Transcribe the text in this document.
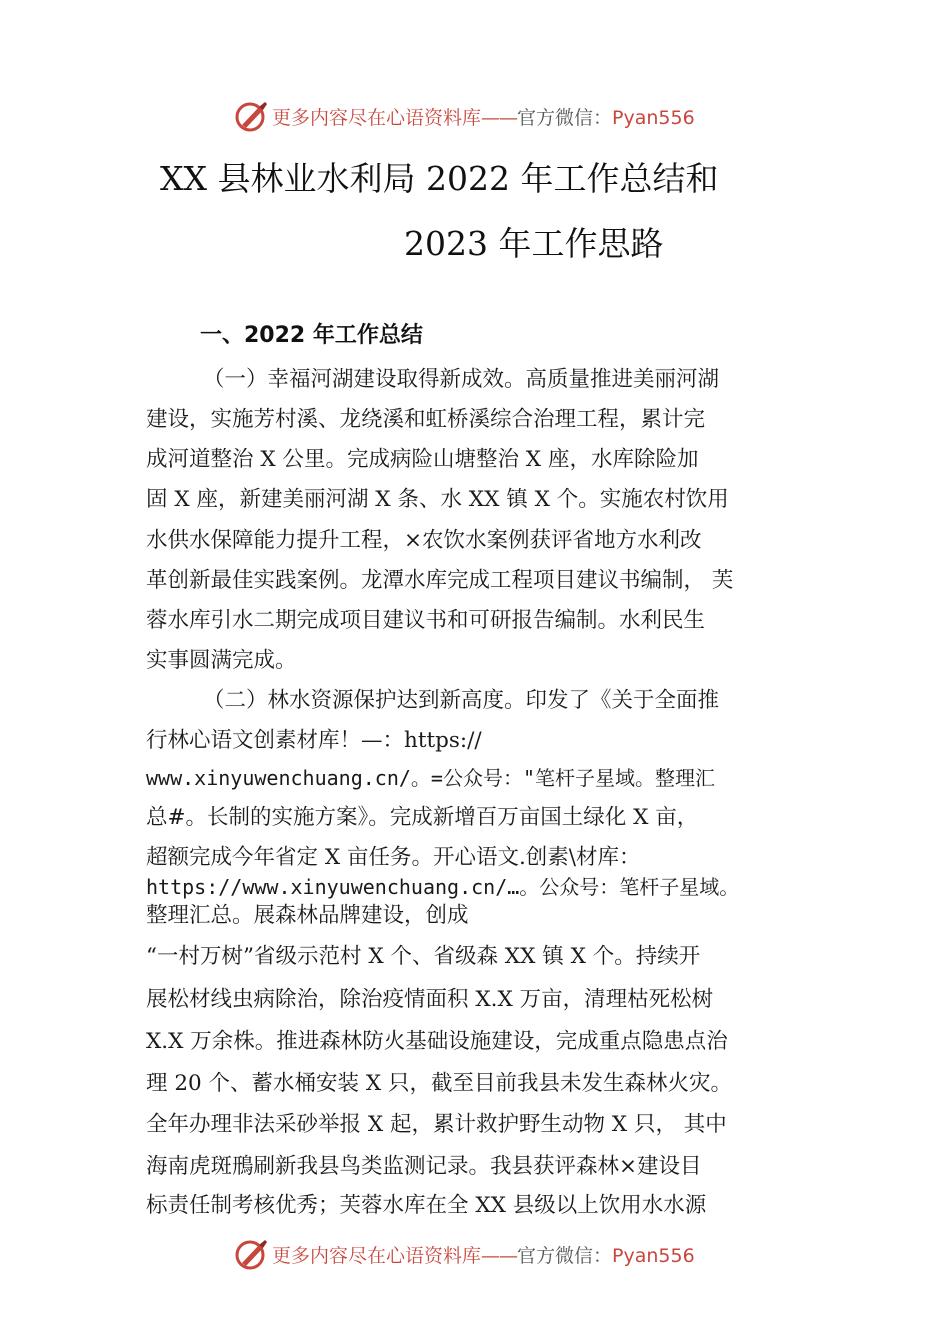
更多内容尽在心语资料库——官方微信：Pyan556
XX 县林业水利局 2022 年工作总结和
2023 年工作思路
一、2022 年工作总结
（一）幸福河湖建设取得新成效。高质量推进美丽河湖
建设，实施芳村溪、龙绕溪和虹桥溪综合治理工程，累计完
成河道整治 X 公里。完成病险山塘整治 X 座，水库除险加
固 X 座，新建美丽河湖 X 条、水 XX 镇 X 个。实施农村饮用
水供水保障能力提升工程，×农饮水案例获评省地方水利改
革创新最佳实践案例。龙潭水库完成工程项目建议书编制， 芙
蓉水库引水二期完成项目建议书和可研报告编制。水利民生
实事圆满完成。
（二）林水资源保护达到新高度。印发了《关于全面推
行林心语文创素材库！—：https://
www.xinyuwenchuang.cn/。=公众号："笔杆子星域。整理汇
总#。长制的实施方案》。完成新增百万亩国土绿化 X 亩，
超额完成今年省定 X 亩任务。开心语文.创素\材库：
https://www.xinyuwenchuang.cn/…。公众号：笔杆子星域。
整理汇总。展森林品牌建设，创成
“一村万树”省级示范村 X 个、省级森 XX 镇 X 个。持续开
展松材线虫病除治，除治疫情面积 X.X 万亩，清理枯死松树
X.X 万余株。推进森林防火基础设施建设，完成重点隐患点治
理 20 个、蓄水桶安装 X 只，截至目前我县未发生森林火灾。
全年办理非法采砂举报 X 起，累计救护野生动物 X 只， 其中
海南虎斑鳽刷新我县鸟类监测记录。我县获评森林×建设目
标责任制考核优秀；芙蓉水库在全 XX 县级以上饮用水水源
更多内容尽在心语资料库——官方微信：Pyan556
